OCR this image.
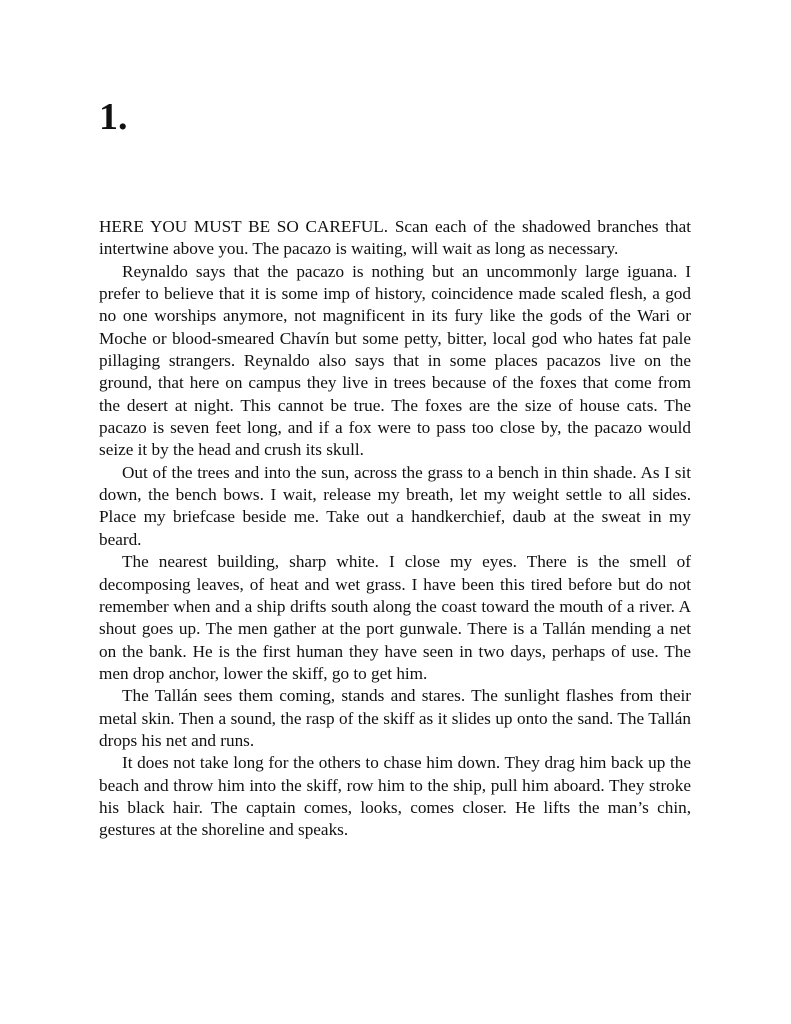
1.

HERE YOU MUST BE SO CAREFUL. Scan each of the shadowed branches that intertwine above you. The pacazo is waiting, will wait as long as necessary.

Reynaldo says that the pacazo is nothing but an uncommonly large iguana. I prefer to believe that it is some imp of history, coincidence made scaled flesh, a god no one worships anymore, not magnificent in its fury like the gods of the Wari or Moche or blood-smeared Chavín but some petty, bitter, local god who hates fat pale pillaging strangers. Reynaldo also says that in some places pacazos live on the ground, that here on campus they live in trees because of the foxes that come from the desert at night. This cannot be true. The foxes are the size of house cats. The pacazo is seven feet long, and if a fox were to pass too close by, the pacazo would seize it by the head and crush its skull.

Out of the trees and into the sun, across the grass to a bench in thin shade. As I sit down, the bench bows. I wait, release my breath, let my weight settle to all sides. Place my briefcase beside me. Take out a handkerchief, daub at the sweat in my beard.

The nearest building, sharp white. I close my eyes. There is the smell of decomposing leaves, of heat and wet grass. I have been this tired before but do not remember when and a ship drifts south along the coast toward the mouth of a river. A shout goes up. The men gather at the port gunwale. There is a Tallán mending a net on the bank. He is the first human they have seen in two days, perhaps of use. The men drop anchor, lower the skiff, go to get him.

The Tallán sees them coming, stands and stares. The sunlight flashes from their metal skin. Then a sound, the rasp of the skiff as it slides up onto the sand. The Tallán drops his net and runs.

It does not take long for the others to chase him down. They drag him back up the beach and throw him into the skiff, row him to the ship, pull him aboard. They stroke his black hair. The captain comes, looks, comes closer. He lifts the man’s chin, gestures at the shoreline and speaks.
